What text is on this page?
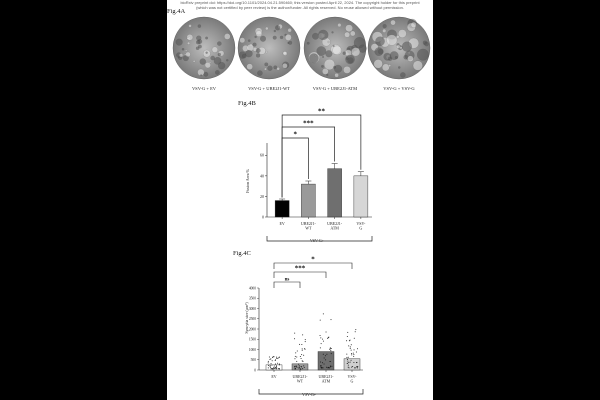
bioRxiv preprint doi: https://doi.org/10.1101/2024.04.21.590460; this version posted April 22, 2024. The copyright holder for this preprint
(which was not certified by peer review) is the author/funder. All rights reserved. No reuse allowed without permission.
Fig.4A
VSV-G + EV	VSV-G + UBE2J1-WT	VSV-G + UBE2J1-ATM	VSV-G + VSV-G
Fig.4B
Fusion Area %
*
***
**
0
20
40
60
EV	UBE2J1-WT
UBE2J1-ATM
VSV-G
VSV-G+
Fig.4C
Syncytia size (μm²)
ns
***
*
0
500
1000
1500
2000
2500
3000
3500
4000
EV	UBE2J1-WT
UBE2J1-ATM
VSV-G
VSV-G+
